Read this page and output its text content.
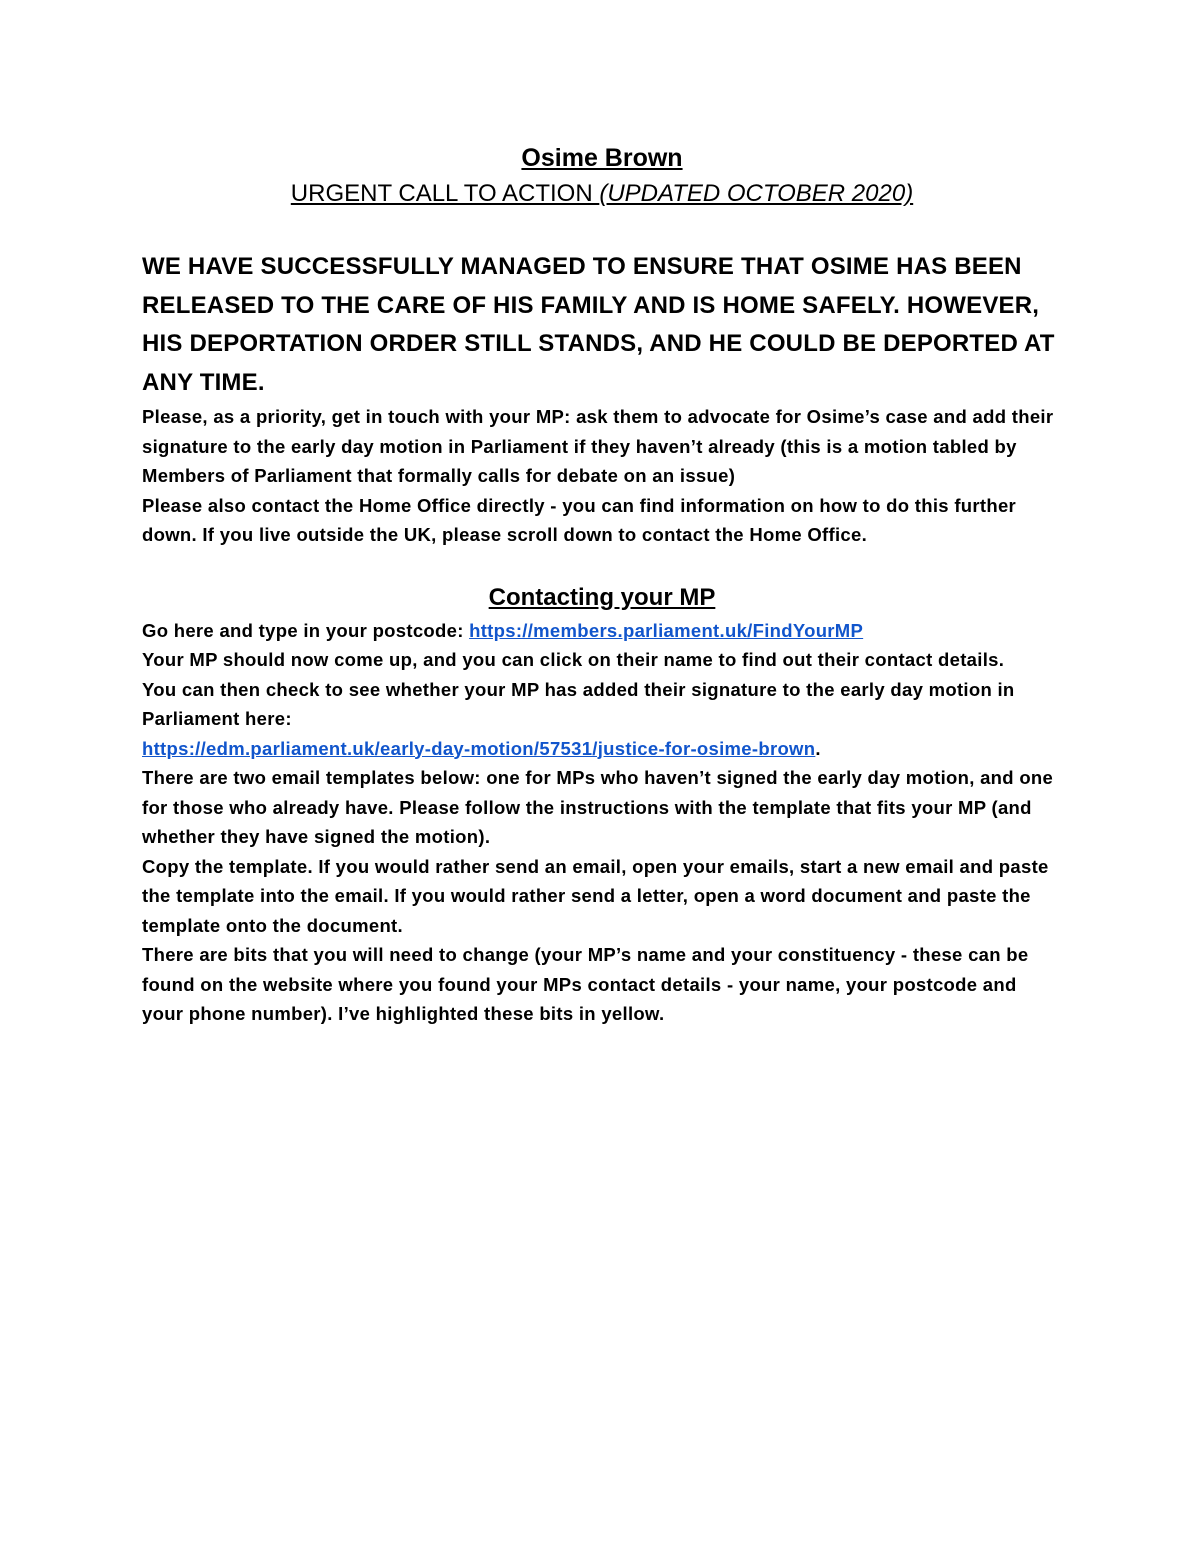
Osime Brown
URGENT CALL TO ACTION (UPDATED OCTOBER 2020)

WE HAVE SUCCESSFULLY MANAGED TO ENSURE THAT OSIME HAS BEEN RELEASED TO THE CARE OF HIS FAMILY AND IS HOME SAFELY. HOWEVER, HIS DEPORTATION ORDER STILL STANDS, AND HE COULD BE DEPORTED AT ANY TIME.

Please, as a priority, get in touch with your MP: ask them to advocate for Osime’s case and add their signature to the early day motion in Parliament if they haven’t already (this is a motion tabled by Members of Parliament that formally calls for debate on an issue)

Please also contact the Home Office directly - you can find information on how to do this further down. If you live outside the UK, please scroll down to contact the Home Office.

Contacting your MP

Go here and type in your postcode: https://members.parliament.uk/FindYourMP

Your MP should now come up, and you can click on their name to find out their contact details.

You can then check to see whether your MP has added their signature to the early day motion in Parliament here:
https://edm.parliament.uk/early-day-motion/57531/justice-for-osime-brown.

There are two email templates below: one for MPs who haven’t signed the early day motion, and one for those who already have. Please follow the instructions with the template that fits your MP (and whether they have signed the motion).

Copy the template. If you would rather send an email, open your emails, start a new email and paste the template into the email. If you would rather send a letter, open a word document and paste the template onto the document.

There are bits that you will need to change (your MP’s name and your constituency - these can be found on the website where you found your MPs contact details - your name, your postcode and your phone number). I’ve highlighted these bits in yellow.
